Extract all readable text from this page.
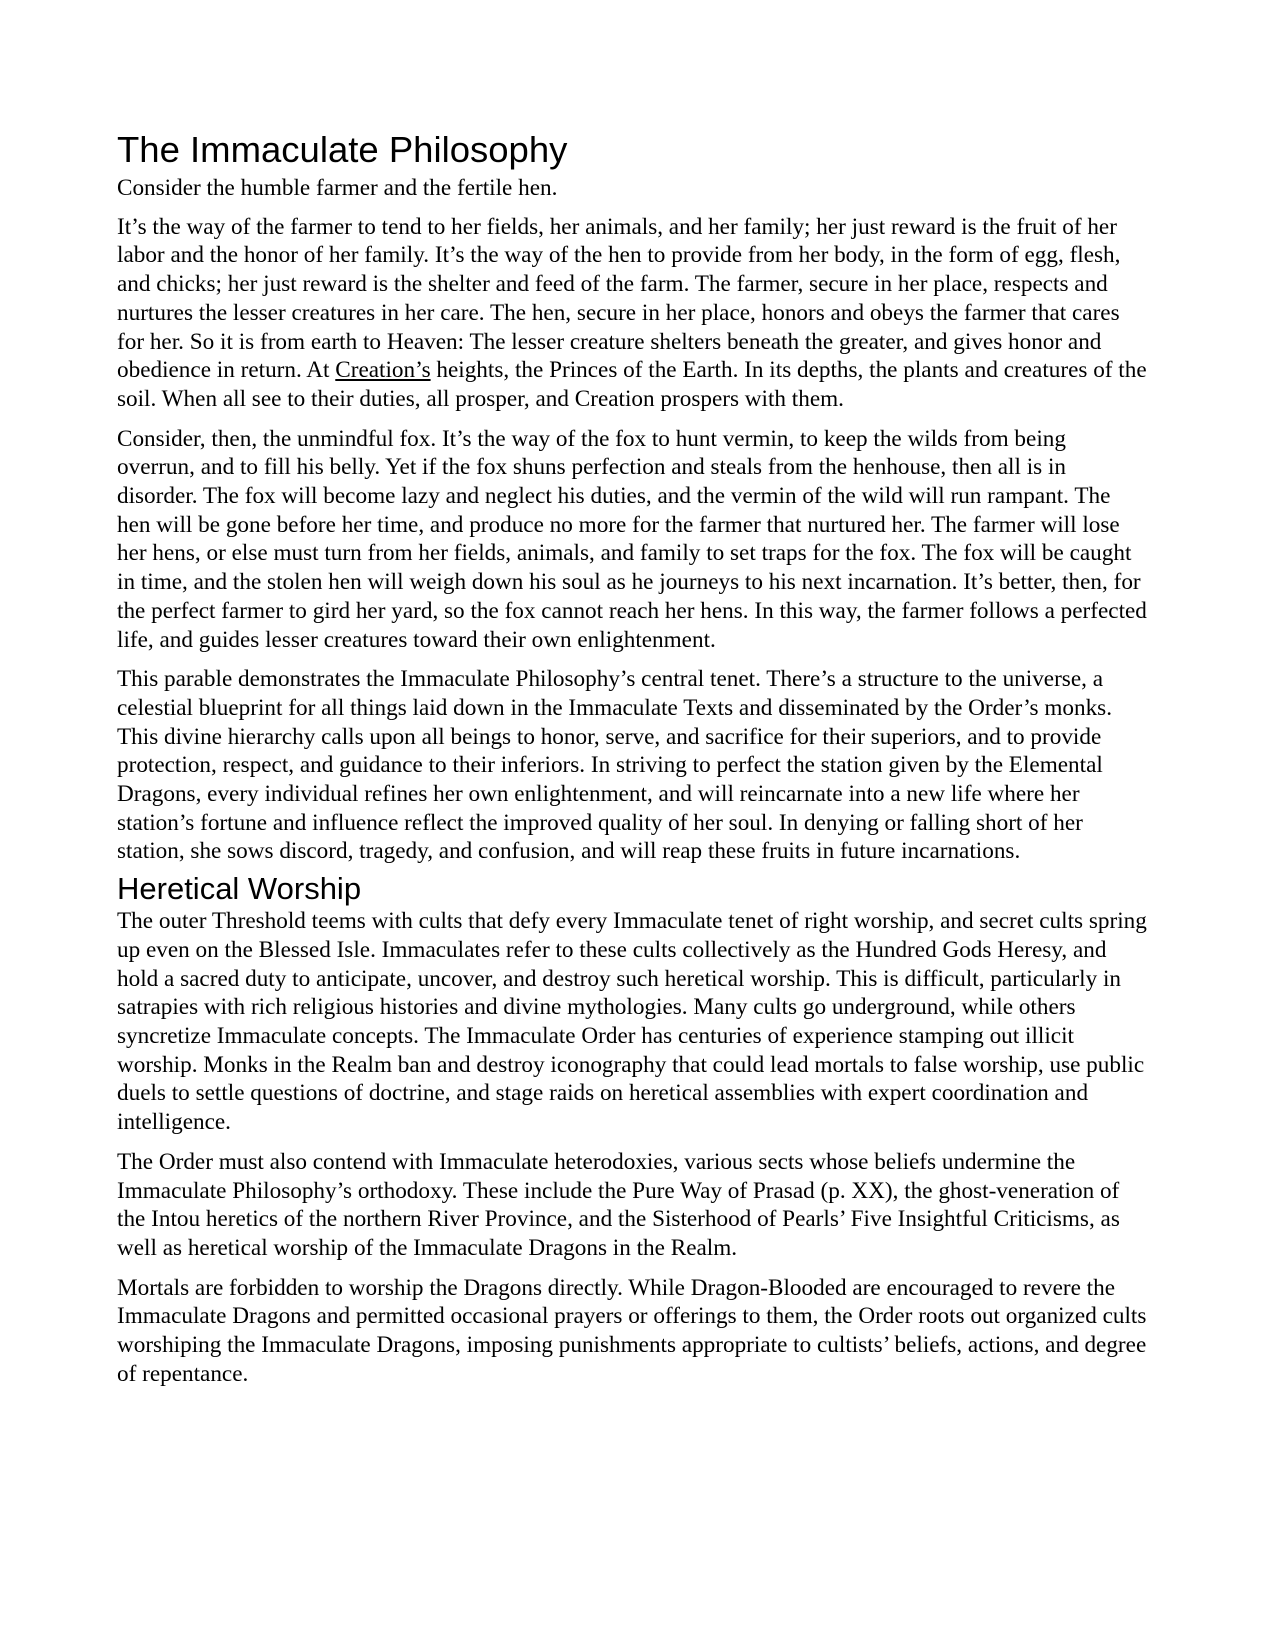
The Immaculate Philosophy

Consider the humble farmer and the fertile hen.

It’s the way of the farmer to tend to her fields, her animals, and her family; her just reward is the fruit of her labor and the honor of her family. It’s the way of the hen to provide from her body, in the form of egg, flesh, and chicks; her just reward is the shelter and feed of the farm. The farmer, secure in her place, respects and nurtures the lesser creatures in her care. The hen, secure in her place, honors and obeys the farmer that cares for her. So it is from earth to Heaven: The lesser creature shelters beneath the greater, and gives honor and obedience in return. At Creation’s heights, the Princes of the Earth. In its depths, the plants and creatures of the soil. When all see to their duties, all prosper, and Creation prospers with them.

Consider, then, the unmindful fox. It’s the way of the fox to hunt vermin, to keep the wilds from being overrun, and to fill his belly. Yet if the fox shuns perfection and steals from the henhouse, then all is in disorder. The fox will become lazy and neglect his duties, and the vermin of the wild will run rampant. The hen will be gone before her time, and produce no more for the farmer that nurtured her. The farmer will lose her hens, or else must turn from her fields, animals, and family to set traps for the fox. The fox will be caught in time, and the stolen hen will weigh down his soul as he journeys to his next incarnation. It’s better, then, for the perfect farmer to gird her yard, so the fox cannot reach her hens. In this way, the farmer follows a perfected life, and guides lesser creatures toward their own enlightenment.

This parable demonstrates the Immaculate Philosophy’s central tenet. There’s a structure to the universe, a celestial blueprint for all things laid down in the Immaculate Texts and disseminated by the Order’s monks. This divine hierarchy calls upon all beings to honor, serve, and sacrifice for their superiors, and to provide protection, respect, and guidance to their inferiors. In striving to perfect the station given by the Elemental Dragons, every individual refines her own enlightenment, and will reincarnate into a new life where her station’s fortune and influence reflect the improved quality of her soul. In denying or falling short of her station, she sows discord, tragedy, and confusion, and will reap these fruits in future incarnations.

Heretical Worship

The outer Threshold teems with cults that defy every Immaculate tenet of right worship, and secret cults spring up even on the Blessed Isle. Immaculates refer to these cults collectively as the Hundred Gods Heresy, and hold a sacred duty to anticipate, uncover, and destroy such heretical worship. This is difficult, particularly in satrapies with rich religious histories and divine mythologies. Many cults go underground, while others syncretize Immaculate concepts. The Immaculate Order has centuries of experience stamping out illicit worship. Monks in the Realm ban and destroy iconography that could lead mortals to false worship, use public duels to settle questions of doctrine, and stage raids on heretical assemblies with expert coordination and intelligence.

The Order must also contend with Immaculate heterodoxies, various sects whose beliefs undermine the Immaculate Philosophy’s orthodoxy. These include the Pure Way of Prasad (p. XX), the ghost-veneration of the Intou heretics of the northern River Province, and the Sisterhood of Pearls’ Five Insightful Criticisms, as well as heretical worship of the Immaculate Dragons in the Realm.

Mortals are forbidden to worship the Dragons directly. While Dragon-Blooded are encouraged to revere the Immaculate Dragons and permitted occasional prayers or offerings to them, the Order roots out organized cults worshiping the Immaculate Dragons, imposing punishments appropriate to cultists’ beliefs, actions, and degree of repentance.
